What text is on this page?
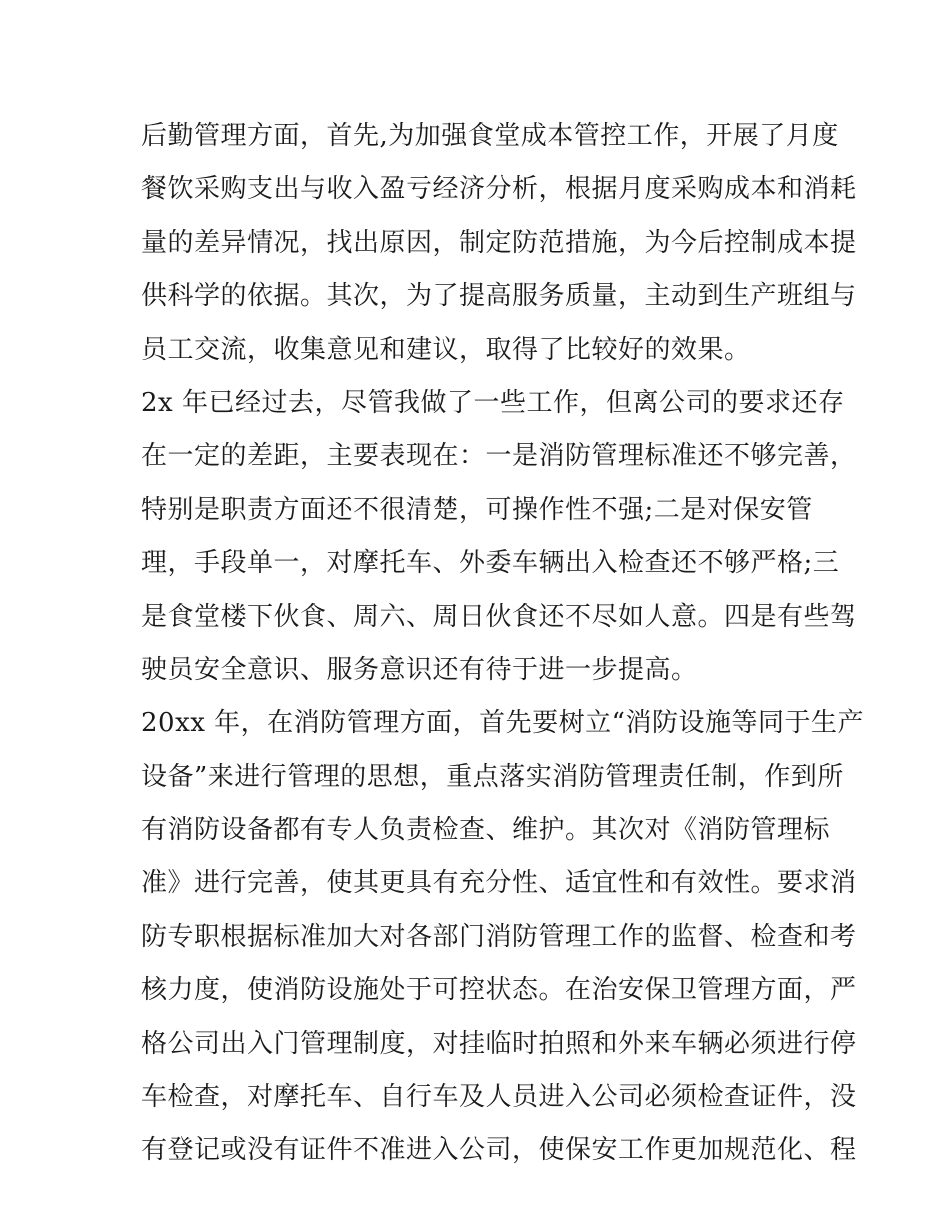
后勤管理方面，首先,为加强食堂成本管控工作，开展了月度
餐饮采购支出与收入盈亏经济分析，根据月度采购成本和消耗
量的差异情况，找出原因，制定防范措施，为今后控制成本提
供科学的依据。其次，为了提高服务质量，主动到生产班组与
员工交流，收集意见和建议，取得了比较好的效果。
2x 年已经过去，尽管我做了一些工作，但离公司的要求还存
在一定的差距，主要表现在：一是消防管理标准还不够完善，
特别是职责方面还不很清楚，可操作性不强;二是对保安管
理，手段单一，对摩托车、外委车辆出入检查还不够严格;三
是食堂楼下伙食、周六、周日伙食还不尽如人意。四是有些驾
驶员安全意识、服务意识还有待于进一步提高。
20xx 年，在消防管理方面，首先要树立“消防设施等同于生产
设备”来进行管理的思想，重点落实消防管理责任制，作到所
有消防设备都有专人负责检查、维护。其次对《消防管理标
准》进行完善，使其更具有充分性、适宜性和有效性。要求消
防专职根据标准加大对各部门消防管理工作的监督、检查和考
核力度，使消防设施处于可控状态。在治安保卫管理方面，严
格公司出入门管理制度，对挂临时拍照和外来车辆必须进行停
车检查，对摩托车、自行车及人员进入公司必须检查证件，没
有登记或没有证件不准进入公司，使保安工作更加规范化、程
